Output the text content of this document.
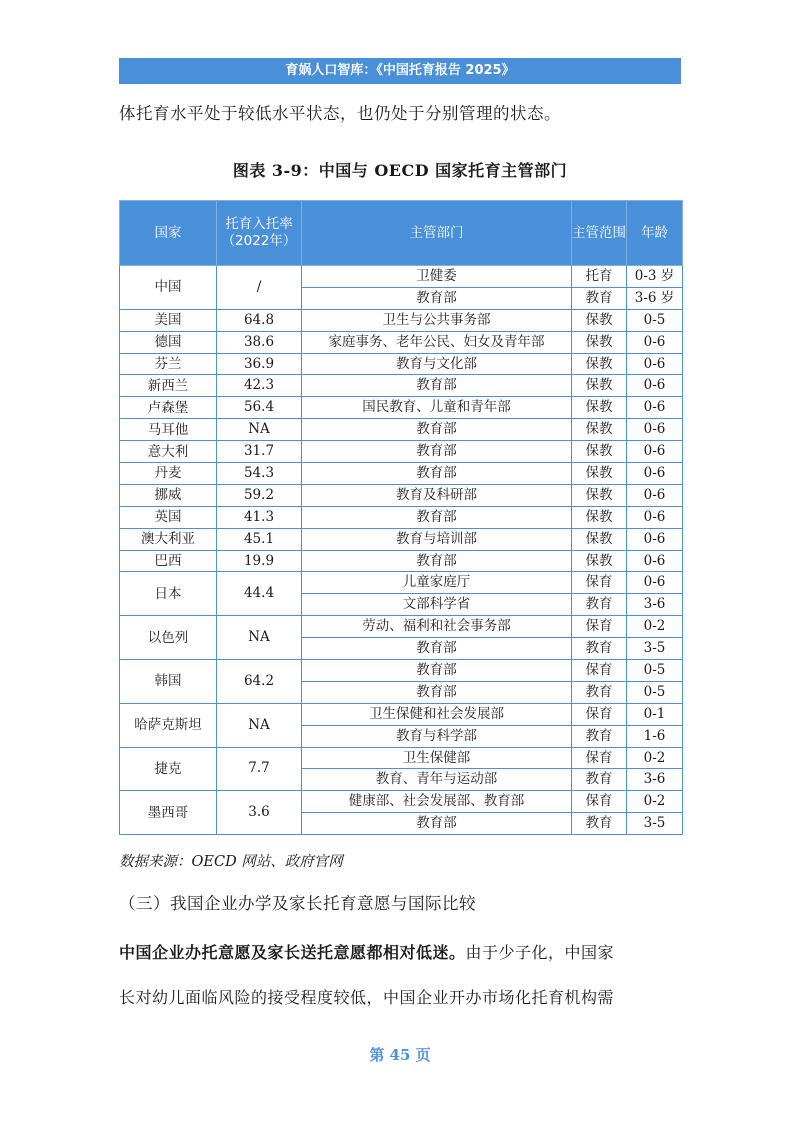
育娲人口智库：《中国托育报告 2025》
体托育水平处于较低水平状态，也仍处于分别管理的状态。
图表 3-9：中国与 OECD 国家托育主管部门
国家	托育入托率（2022年）	主管部门	主管范围	年龄
中国	/	卫健委	托育	0-3 岁
		教育部	教育	3-6 岁
美国	64.8	卫生与公共事务部	保教	0-5
德国	38.6	家庭事务、老年公民、妇女及青年部	保教	0-6
芬兰	36.9	教育与文化部	保教	0-6
新西兰	42.3	教育部	保教	0-6
卢森堡	56.4	国民教育、儿童和青年部	保教	0-6
马耳他	NA	教育部	保教	0-6
意大利	31.7	教育部	保教	0-6
丹麦	54.3	教育部	保教	0-6
挪威	59.2	教育及科研部	保教	0-6
英国	41.3	教育部	保教	0-6
澳大利亚	45.1	教育与培训部	保教	0-6
巴西	19.9	教育部	保教	0-6
日本	44.4	儿童家庭厅	保育	0-6
		文部科学省	教育	3-6
以色列	NA	劳动、福利和社会事务部	保育	0-2
		教育部	教育	3-5
韩国	64.2	教育部	保育	0-5
		教育部	教育	0-5
哈萨克斯坦	NA	卫生保健和社会发展部	保育	0-1
		教育与科学部	教育	1-6
捷克	7.7	卫生保健部	保育	0-2
		教育、青年与运动部	教育	3-6
墨西哥	3.6	健康部、社会发展部、教育部	保育	0-2
		教育部	教育	3-5
数据来源：OECD 网站、政府官网
（三）我国企业办学及家长托育意愿与国际比较
中国企业办托意愿及家长送托意愿都相对低迷。由于少子化，中国家
长对幼儿面临风险的接受程度较低，中国企业开办市场化托育机构需
第 45 页
